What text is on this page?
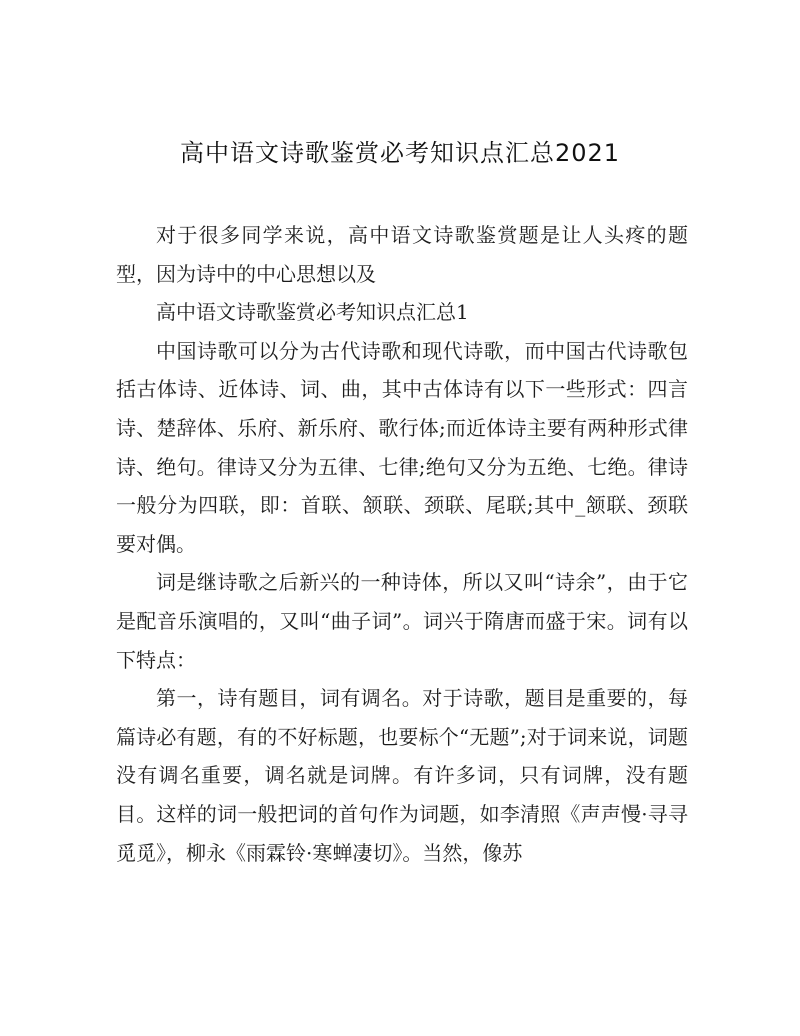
高中语文诗歌鉴赏必考知识点汇总2021

对于很多同学来说，高中语文诗歌鉴赏题是让人头疼的题型，因为诗中的中心思想以及

高中语文诗歌鉴赏必考知识点汇总1

中国诗歌可以分为古代诗歌和现代诗歌，而中国古代诗歌包括古体诗、近体诗、词、曲，其中古体诗有以下一些形式：四言诗、楚辞体、乐府、新乐府、歌行体;而近体诗主要有两种形式律诗、绝句。律诗又分为五律、七律;绝句又分为五绝、七绝。律诗一般分为四联，即：首联、颔联、颈联、尾联;其中_颔联、颈联要对偶。

词是继诗歌之后新兴的一种诗体，所以又叫“诗余”，由于它是配音乐演唱的，又叫“曲子词”。词兴于隋唐而盛于宋。词有以下特点：

第一，诗有题目，词有调名。对于诗歌，题目是重要的，每篇诗必有题，有的不好标题，也要标个“无题”;对于词来说，词题没有调名重要，调名就是词牌。有许多词，只有词牌，没有题目。这样的词一般把词的首句作为词题，如李清照《声声慢·寻寻觅觅》，柳永《雨霖铃·寒蝉凄切》。当然，像苏
